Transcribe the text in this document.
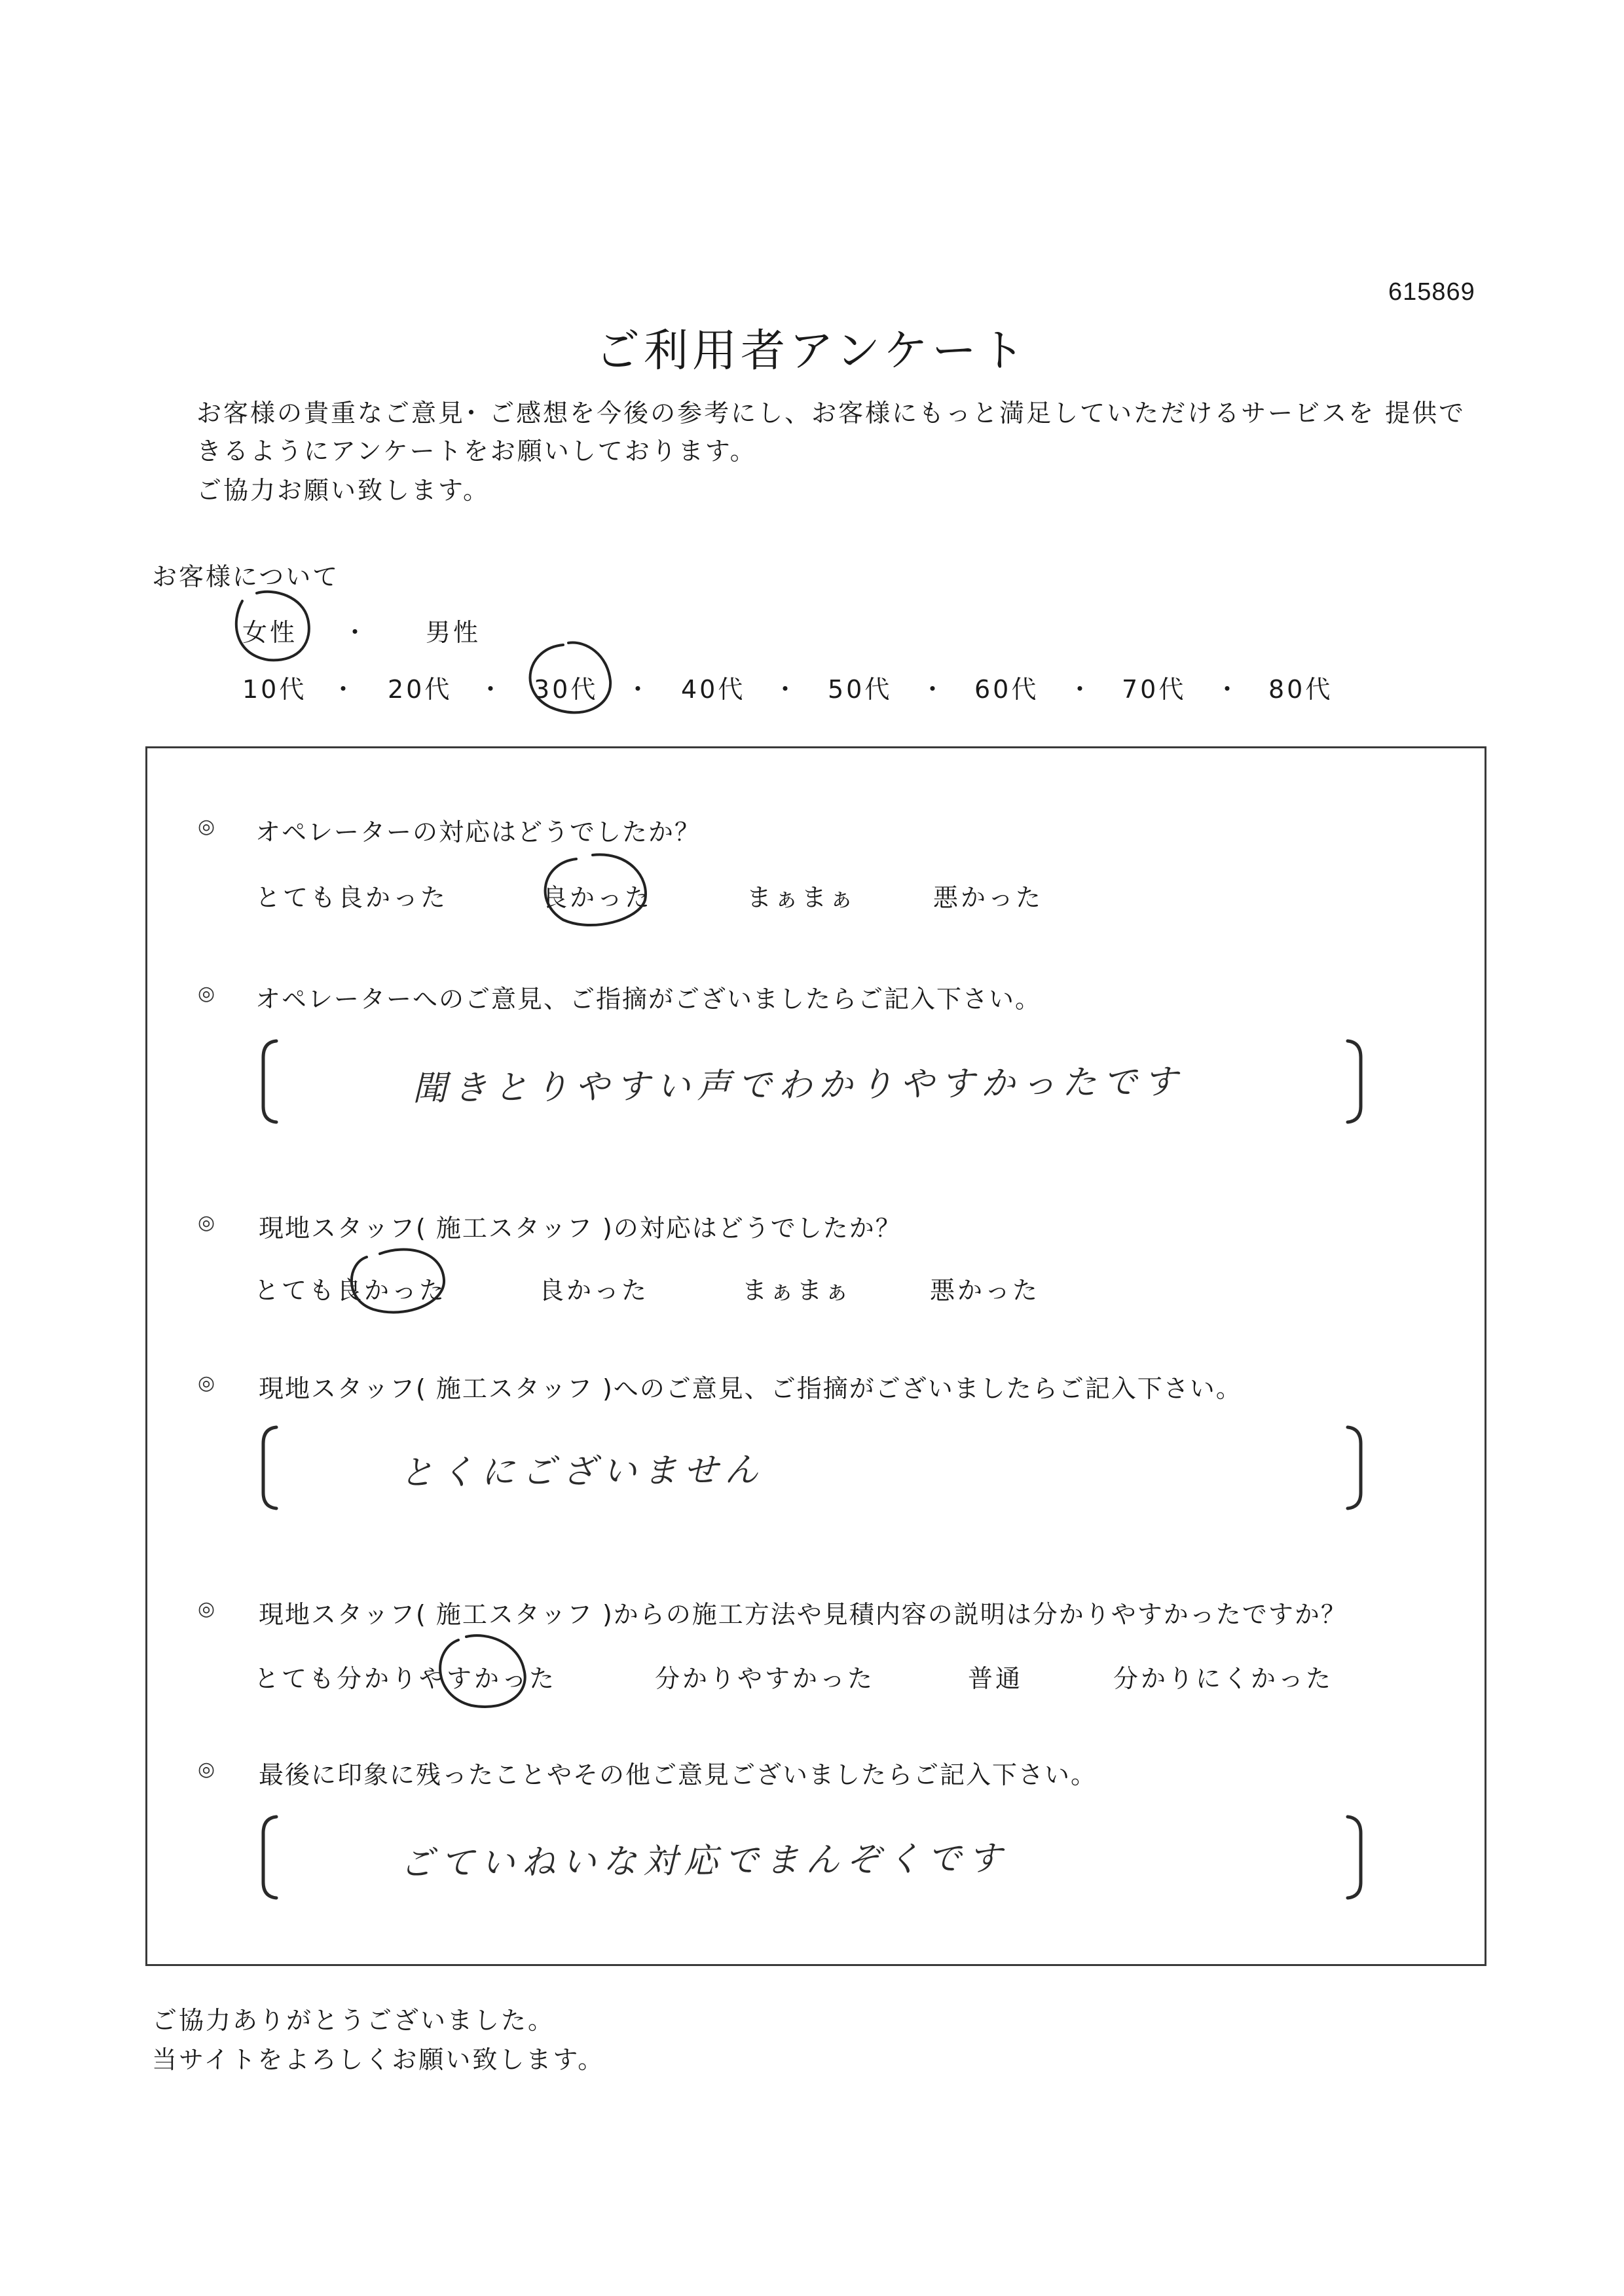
615869
ご利用者アンケート
お客様の貴重なご意見･ ご感想を今後の参考にし、お客様にもっと満足していただけるサービスを 提供で
きるようにアンケートをお願いしております。
ご協力お願い致します。
お客様について
女性 ・ 男性
10代 ・ 20代 ・ 30代 ・ 40代 ・ 50代 ・ 60代 ・ 70代 ・ 80代
◎ オペレーターの対応はどうでしたか？
とても良かった	良かった	まぁまぁ	悪かった
◎ オペレーターへのご意見、ご指摘がございましたらご記入下さい。
聞きとりやすい声でわかりやすかったです
◎ 現地スタッフ( 施工スタッフ )の対応はどうでしたか？
とても良かった	良かった	まぁまぁ	悪かった
◎ 現地スタッフ( 施工スタッフ )へのご意見、ご指摘がございましたらご記入下さい。
とくにございません
◎ 現地スタッフ( 施工スタッフ )からの施工方法や見積内容の説明は分かりやすかったですか？
とても分かりやすかった	分かりやすかった	普通	分かりにくかった
◎ 最後に印象に残ったことやその他ご意見ございましたらご記入下さい。
ごていねいな対応でまんぞくです
ご協力ありがとうございました。
当サイトをよろしくお願い致します。
